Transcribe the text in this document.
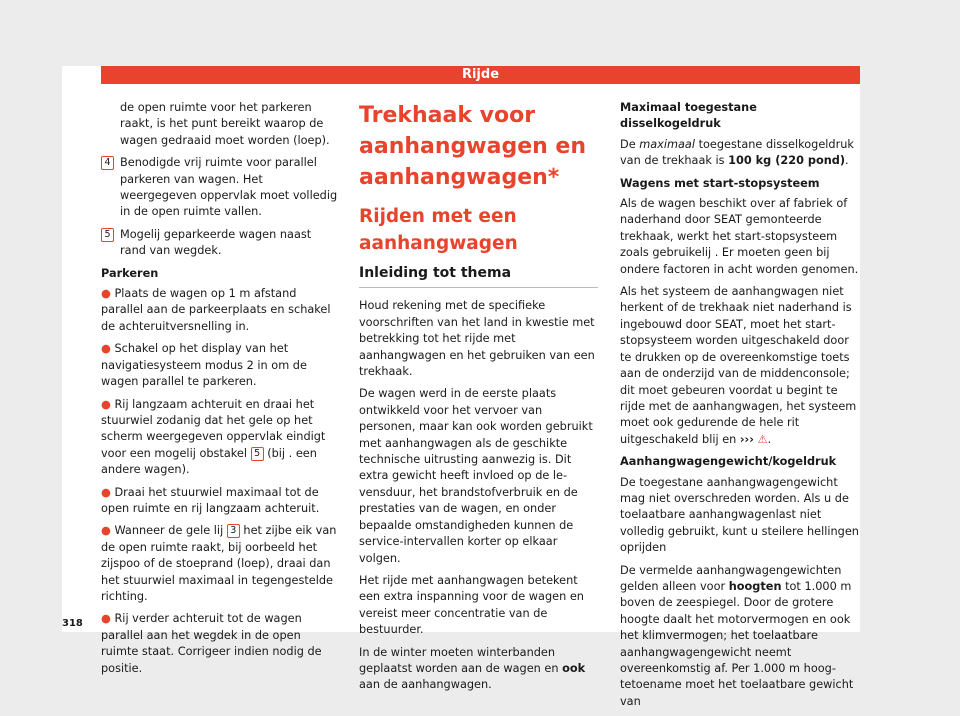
Rijde

de open ruimte voor het parkeren raakt, is het punt bereikt waarop de wagen gedraaid moet worden (loep).

4 Benodigde vrij ruimte voor parallel parkeren van wagen. Het weergegeven oppervlak moet volledig in de open ruimte vallen.

5 Mogelij geparkeerde wagen naast rand van wegdek.

Parkeren

● Plaats de wagen op 1 m afstand parallel aan de parkeerplaats en schakel de achteruitversnelling in.

● Schakel op het display van het navigatiesysteem modus 2 in om de wagen parallel te parkeren.

● Rij langzaam achteruit en draai het stuurwiel zodanig dat het gele op het scherm weergegeven oppervlak eindigt voor een mogelij obstakel 5 (bij . een andere wagen).

● Draai het stuurwiel maximaal tot de open ruimte en rij langzaam achteruit.

● Wanneer de gele lij 3 het zijbe eik van de open ruimte raakt, bij oorbeeld het zijspoo of de stoeprand (loep), draai dan het stuurwiel maximaal in tegengestelde richting.

● Rij verder achteruit tot de wagen parallel aan het wegdek in de open ruimte staat. Corrigeer indien nodig de positie.

Trekhaak voor aanhangwagen en aanhangwagen*
Rijden met een aanhangwagen
Inleiding tot thema

Houd rekening met de specifieke voorschriften van het land in kwestie met betrekking tot het rijde met aanhangwagen en het gebruiken van een trekhaak.

De wagen werd in de eerste plaats ontwikkeld voor het vervoer van personen, maar kan ook worden gebruikt met aanhangwagen als de geschikte technische uitrusting aanwezig is. Dit extra gewicht heeft invloed op de levensduur, het brandstofverbruik en de prestaties van de wagen, en onder bepaalde omstandigheden kunnen de service-intervallen korter op elkaar volgen.

Het rijde met aanhangwagen betekent een extra inspanning voor de wagen en vereist meer concentratie van de bestuurder.

In de winter moeten winterbanden geplaatst worden aan de wagen en ook aan de aanhangwagen.

Maximaal toegestane disselkogeldruk

De maximaal toegestane disselkogeldruk van de trekhaak is 100 kg (220 pond).

Wagens met start-stopsysteem

Als de wagen beschikt over af fabriek of naderhand door SEAT gemonteerde trekhaak, werkt het start-stopsysteem zoals gebruikelij . Er moeten geen bij ondere factoren in acht worden genomen.

Als het systeem de aanhangwagen niet herkent of de trekhaak niet naderhand is ingebouwd door SEAT, moet het start-stopsysteem worden uitgeschakeld door te drukken op de overeenkomstige toets aan de onderzijd van de middenconsole; dit moet gebeuren voordat u begint te rijde met de aanhangwagen, het systeem moet ook gedurende de hele rit uitgeschakeld blij en ››› ⚠.

Aanhangwagengewicht/kogeldruk

De toegestane aanhangwagengewicht mag niet overschreden worden. Als u de toelaatbare aanhangwagenlast niet volledig gebruikt, kunt u steilere hellingen oprijden

De vermelde aanhangwagengewichten gelden alleen voor hoogten tot 1.000 m boven de zeespiegel. Door de grotere hoogte daalt het motorvermogen en ook het klimvermogen; het toelaatbare aanhangwagengewicht neemt overeenkomstig af. Per 1.000 m hoogtetoename moet het toelaatbare gewicht van

318
